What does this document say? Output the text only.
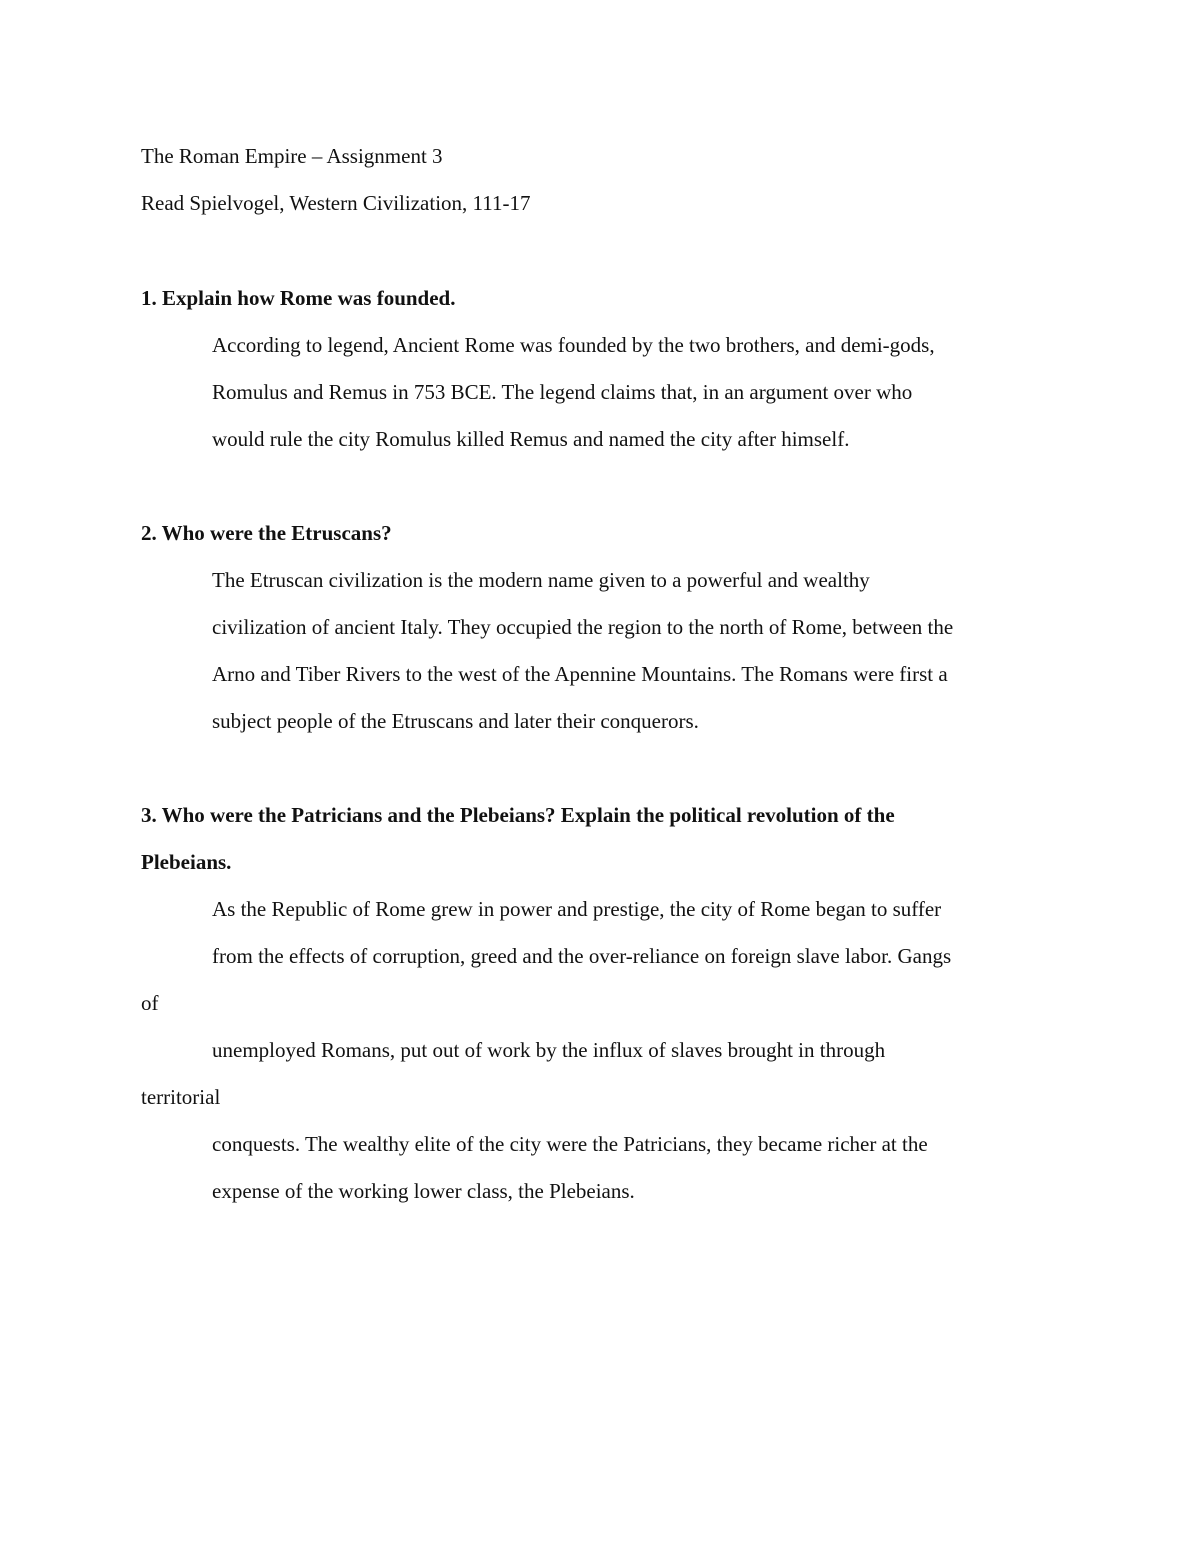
The Roman Empire – Assignment 3
Read Spielvogel, Western Civilization, 111-17
1. Explain how Rome was founded.
According to legend, Ancient Rome was founded by the two brothers, and demi-gods,
Romulus and Remus in 753 BCE. The legend claims that, in an argument over who
would rule the city Romulus killed Remus and named the city after himself.
2. Who were the Etruscans?
The Etruscan civilization is the modern name given to a powerful and wealthy
civilization of ancient Italy. They occupied the region to the north of Rome, between the
Arno and Tiber Rivers to the west of the Apennine Mountains. The Romans were first a
subject people of the Etruscans and later their conquerors.
3. Who were the Patricians and the Plebeians? Explain the political revolution of the
Plebeians.
As the Republic of Rome grew in power and prestige, the city of Rome began to suffer
from the effects of corruption, greed and the over-reliance on foreign slave labor. Gangs
of
unemployed Romans, put out of work by the influx of slaves brought in through
territorial
conquests. The wealthy elite of the city were the Patricians, they became richer at the
expense of the working lower class, the Plebeians.
